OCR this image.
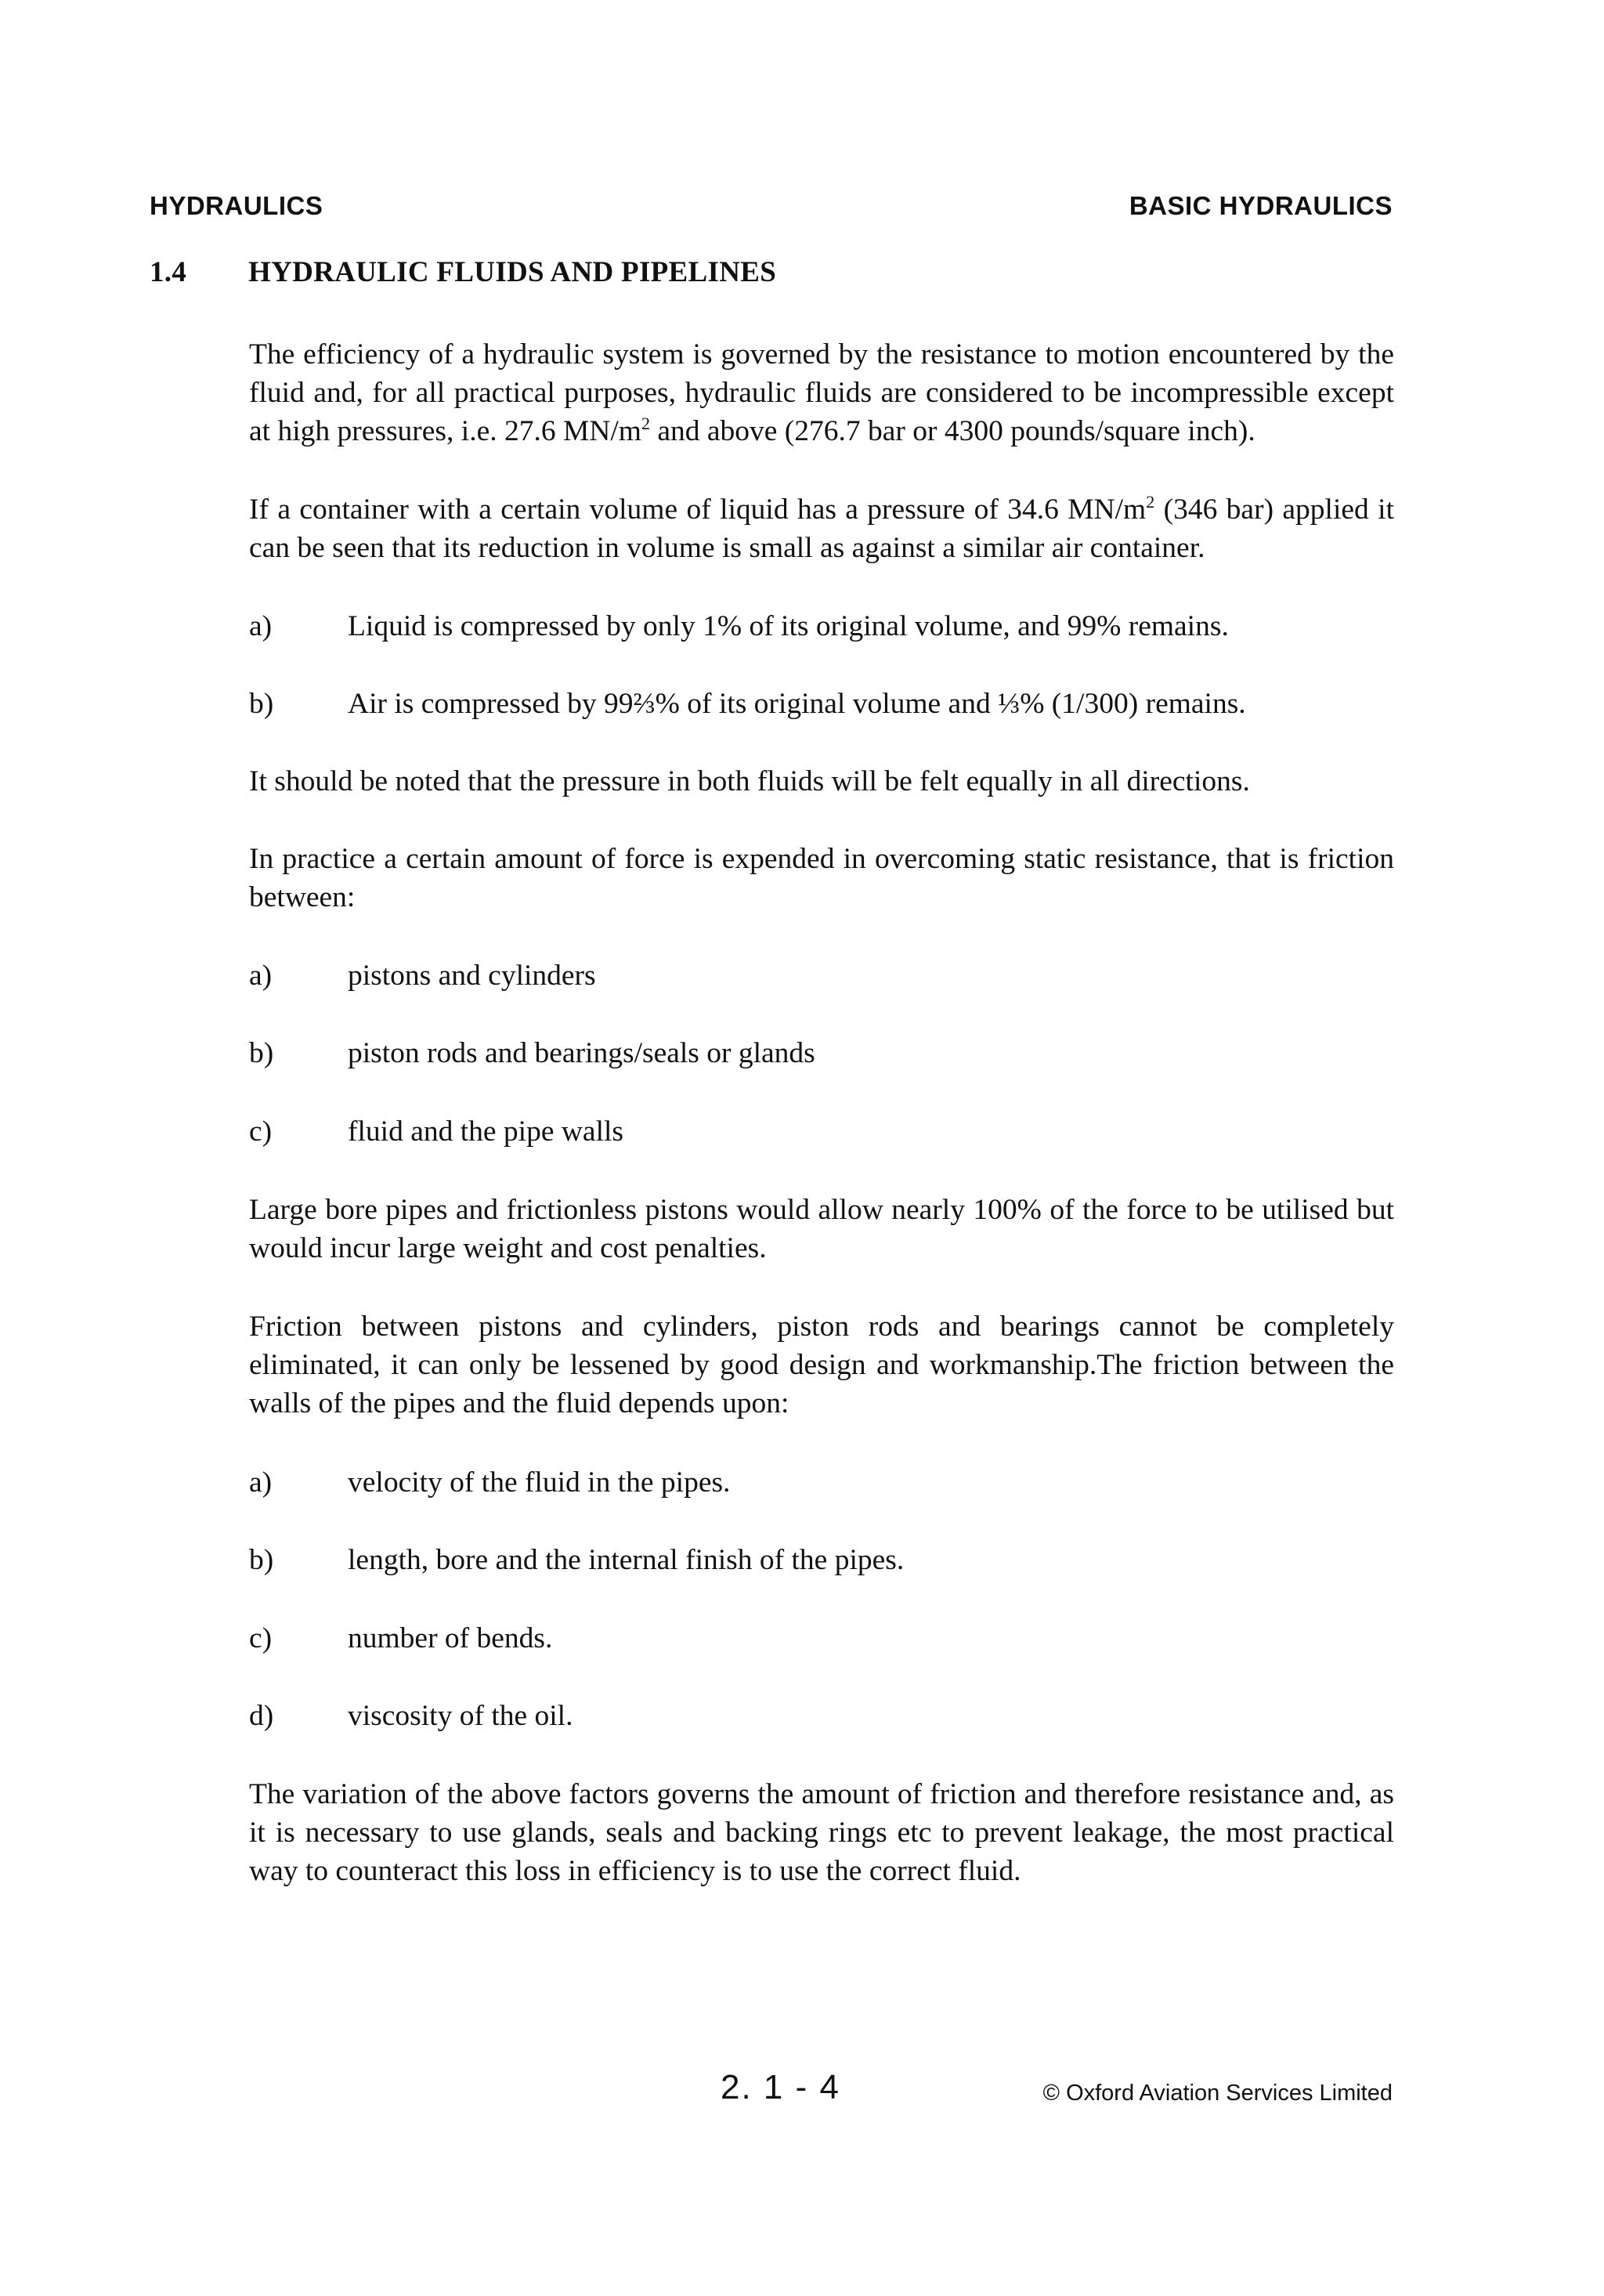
HYDRAULICS	BASIC HYDRAULICS
1.4 HYDRAULIC FLUIDS AND PIPELINES

The efficiency of a hydraulic system is governed by the resistance to motion encountered by the fluid and, for all practical purposes, hydraulic fluids are considered to be incompressible except at high pressures, i.e. 27.6 $MN/m^2$ and above (276.7 bar or 4300 pounds/square inch).

If a container with a certain volume of liquid has a pressure of 34.6 $MN/m^2$ (346 bar) applied it can be seen that its reduction in volume is small as against a similar air container.

a)	Liquid is compressed by only 1% of its original volume, and 99% remains.
b)	Air is compressed by 99⅔% of its original volume and ⅓% (1/300) remains.

It should be noted that the pressure in both fluids will be felt equally in all directions.

In practice a certain amount of force is expended in overcoming static resistance, that is friction between:

a)	pistons and cylinders
b)	piston rods and bearings/seals or glands
c)	fluid and the pipe walls

Large bore pipes and frictionless pistons would allow nearly 100% of the force to be utilised but would incur large weight and cost penalties.

Friction between pistons and cylinders, piston rods and bearings cannot be completely eliminated, it can only be lessened by good design and workmanship.The friction between the walls of the pipes and the fluid depends upon:

a)	velocity of the fluid in the pipes.
b)	length, bore and the internal finish of the pipes.
c)	number of bends.
d)	viscosity of the oil.

The variation of the above factors governs the amount of friction and therefore resistance and, as it is necessary to use glands, seals and backing rings etc to prevent leakage, the most practical way to counteract this loss in efficiency is to use the correct fluid.

2. 1 - 4	© Oxford Aviation Services Limited
